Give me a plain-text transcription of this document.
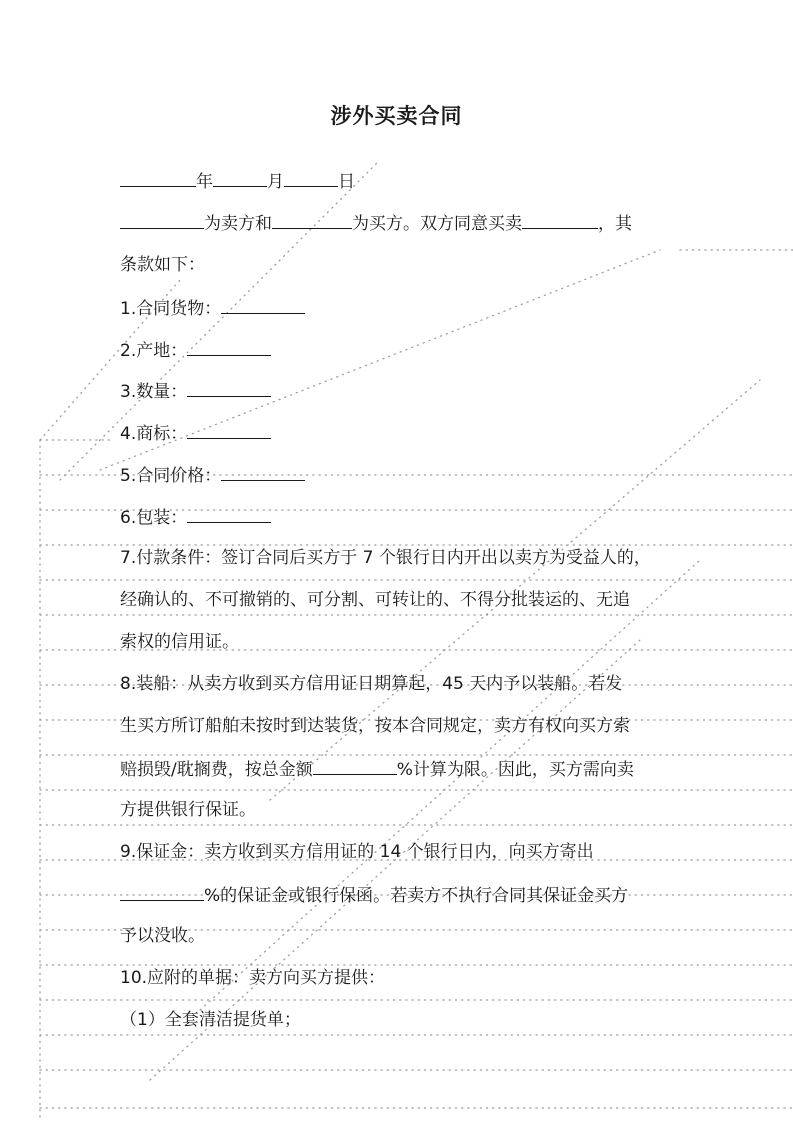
涉外买卖合同
年	月	日
为卖方和	为买方。双方同意买卖	，其
条款如下：
1.合同货物：
2.产地：
3.数量：
4.商标：
5.合同价格：
6.包装：
7.付款条件：签订合同后买方于 7 个银行日内开出以卖方为受益人的，
经确认的、不可撤销的、可分割、可转让的、不得分批装运的、无追
索权的信用证。
8.装船：从卖方收到买方信用证日期算起，45 天内予以装船。若发
生买方所订船舶未按时到达装货，按本合同规定，卖方有权向买方索
赔损毁/耽搁费，按总金额	%计算为限。因此，买方需向卖
方提供银行保证。
9.保证金：卖方收到买方信用证的 14 个银行日内，向买方寄出
%的保证金或银行保函。若卖方不执行合同其保证金买方
予以没收。
10.应附的单据：卖方向买方提供：
（1）全套清洁提货单；
